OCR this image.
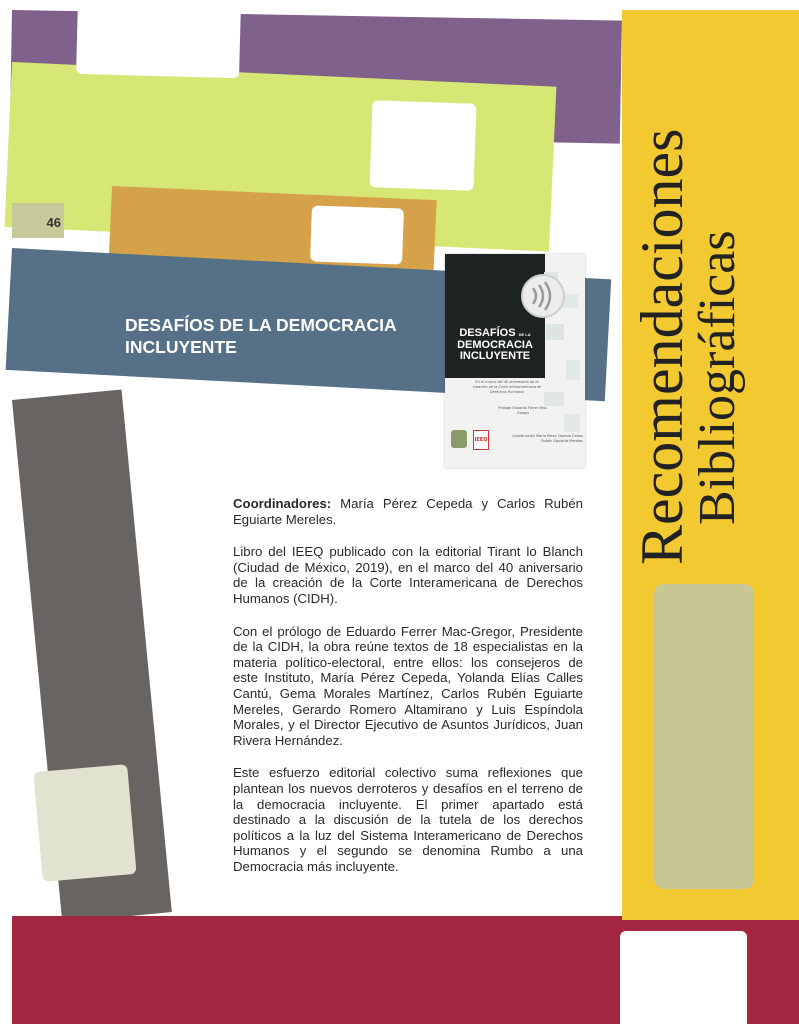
46
DESAFÍOS DE LA DEMOCRACIA INCLUYENTE	Recomendaciones
Bibliográficas
DESAFÍOS DE LA
DEMOCRACIA
INCLUYENTE
En el marco del 40 aniversario de la creación de la Corte Interamericana de Derechos Humanos
Prólogo Eduardo Ferrer Mac-Gregor
Coordinación María Pérez Cepeda Carlos Rubén Eguiarte Mereles
IEEQ

Coordinadores: María Pérez Cepeda y Carlos Rubén Eguiarte Mereles.

Libro del IEEQ publicado con la editorial Tirant lo Blanch (Ciudad de México, 2019), en el marco del 40 aniversario de la creación de la Corte Interamericana de Derechos Humanos (CIDH).

Con el prólogo de Eduardo Ferrer Mac-Gregor, Presidente de la CIDH, la obra reúne textos de 18 especialistas en la materia político-electoral, entre ellos: los consejeros de este Instituto, María Pérez Cepeda, Yolanda Elías Calles Cantú, Gema Morales Martínez, Carlos Rubén Eguiarte Mereles, Gerardo Romero Altamirano y Luis Espíndola Morales, y el Director Ejecutivo de Asuntos Jurídicos, Juan Rivera Hernández.

Este esfuerzo editorial colectivo suma reflexiones que plantean los nuevos derroteros y desafíos en el terreno de la democracia incluyente. El primer apartado está destinado a la discusión de la tutela de los derechos políticos a la luz del Sistema Interamericano de Derechos Humanos y el segundo se denomina Rumbo a una Democracia más incluyente.
